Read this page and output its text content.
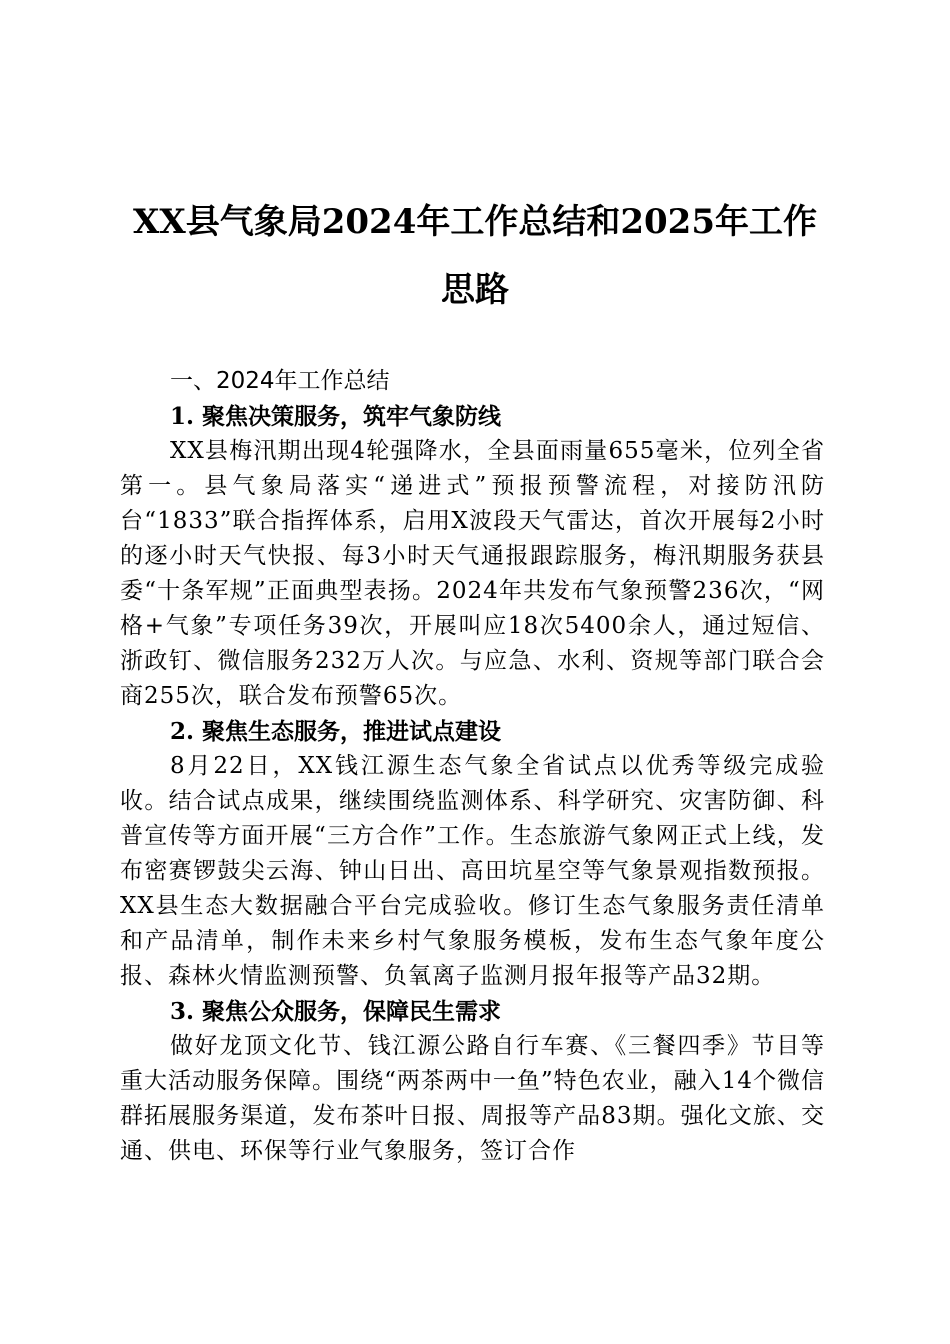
XX县气象局2024年工作总结和2025年工作
思路
一、2024年工作总结
1. 聚焦决策服务，筑牢气象防线

XX县梅汛期出现4轮强降水，全县面雨量655毫米，位列全省第一。县气象局落实“递进式”预报预警流程，对接防汛防台“1833”联合指挥体系，启用X波段天气雷达，首次开展每2小时的逐小时天气快报、每3小时天气通报跟踪服务，梅汛期服务获县委“十条军规”正面典型表扬。2024年共发布气象预警236次，“网格+气象”专项任务39次，开展叫应18次5400余人，通过短信、浙政钉、微信服务232万人次。与应急、水利、资规等部门联合会商255次，联合发布预警65次。

2. 聚焦生态服务，推进试点建设

8月22日，XX钱江源生态气象全省试点以优秀等级完成验收。结合试点成果，继续围绕监测体系、科学研究、灾害防御、科普宣传等方面开展“三方合作”工作。生态旅游气象网正式上线，发布密赛锣鼓尖云海、钟山日出、高田坑星空等气象景观指数预报。XX县生态大数据融合平台完成验收。修订生态气象服务责任清单和产品清单，制作未来乡村气象服务模板，发布生态气象年度公报、森林火情监测预警、负氧离子监测月报年报等产品32期。

3. 聚焦公众服务，保障民生需求

做好龙顶文化节、钱江源公路自行车赛、《三餐四季》节目等重大活动服务保障。围绕“两茶两中一鱼”特色农业，融入14个微信群拓展服务渠道，发布茶叶日报、周报等产品83期。强化文旅、交通、供电、环保等行业气象服务，签订合作
